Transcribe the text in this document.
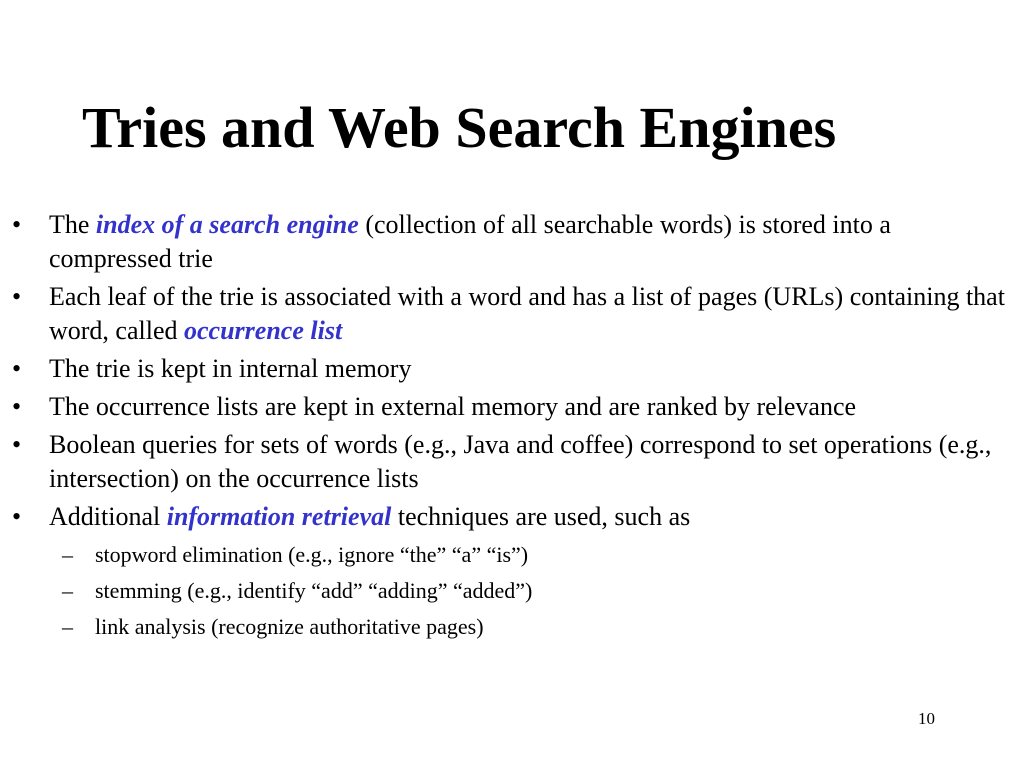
Tries and Web Search Engines
•	The index of a search engine (collection of all searchable words) is stored into a compressed trie
•	Each leaf of the trie is associated with a word and has a list of pages (URLs) containing that word, called occurrence list
•	The trie is kept in internal memory
•	The occurrence lists are kept in external memory and are ranked by relevance
•	Boolean queries for sets of words (e.g., Java and coffee) correspond to set operations (e.g., intersection) on the occurrence lists
•	Additional information retrieval techniques are used, such as
– stopword elimination (e.g., ignore “the” “a” “is”)
– stemming (e.g., identify “add” “adding” “added”)
– link analysis (recognize authoritative pages)
10
